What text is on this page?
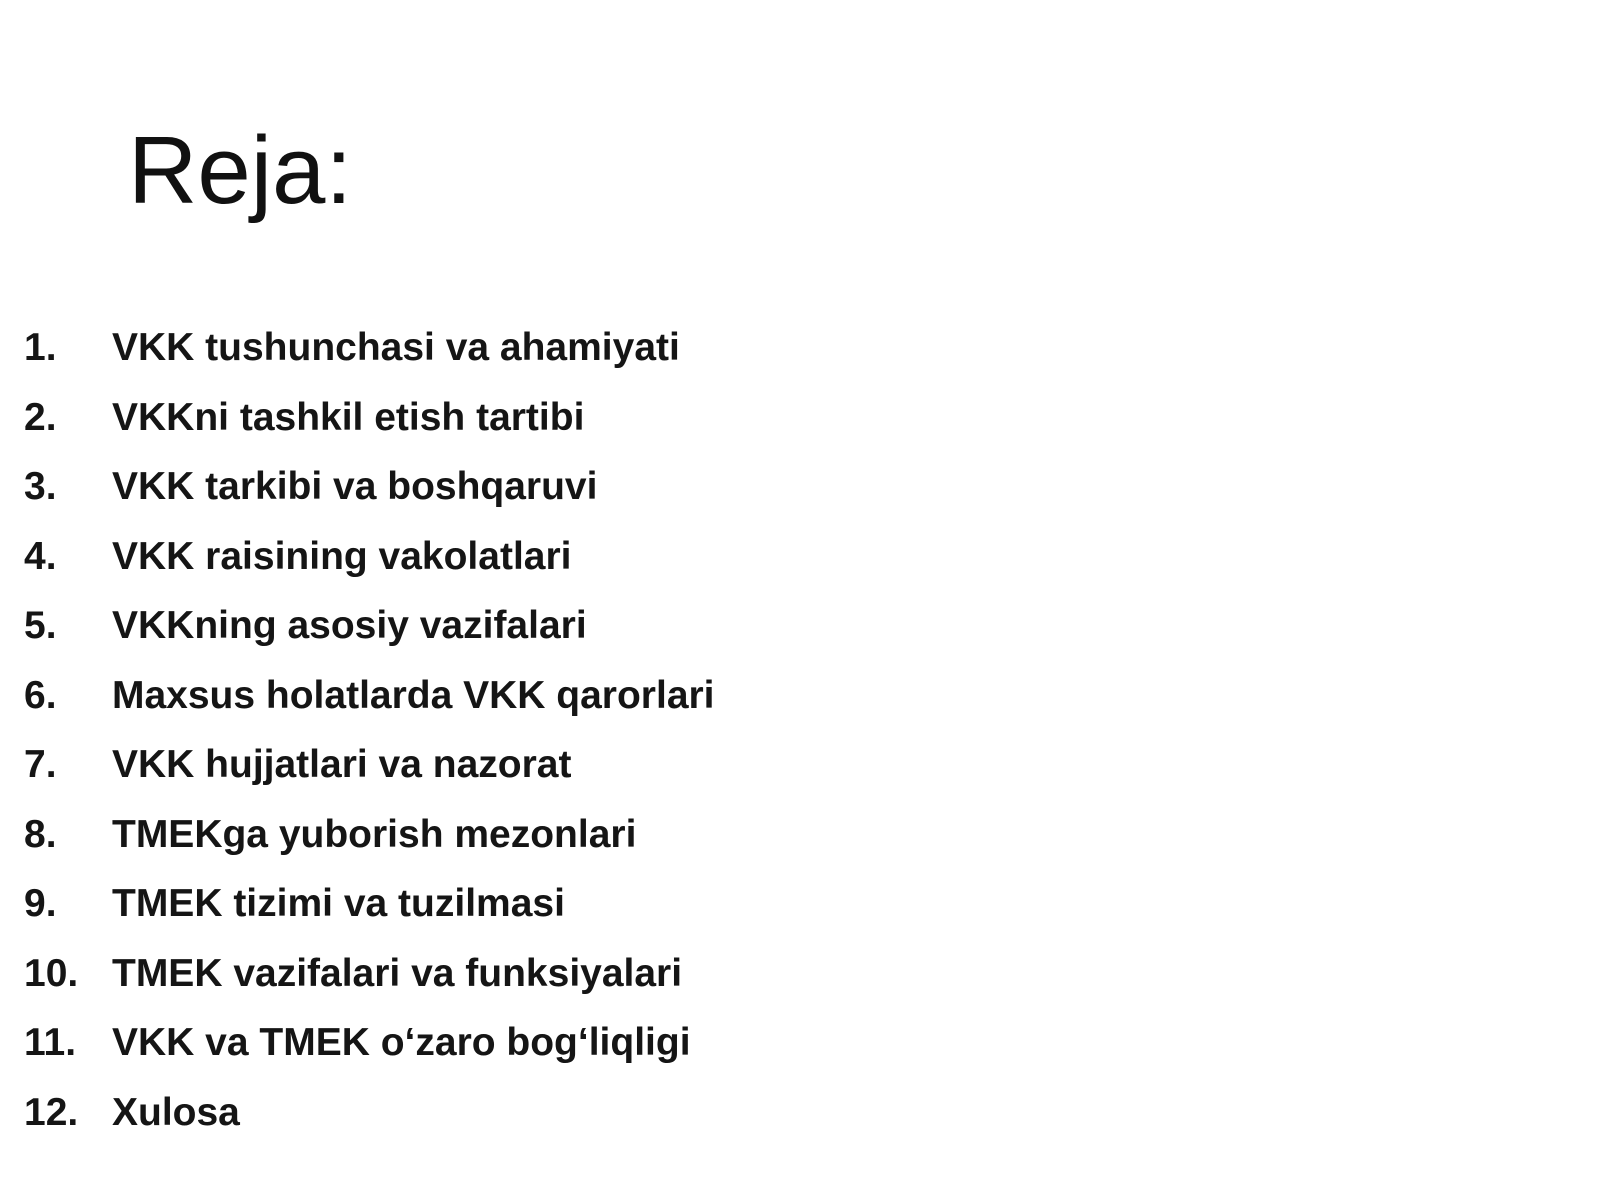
Reja:
1.	VKK tushunchasi va ahamiyati
2.	VKKni tashkil etish tartibi
3.	VKK tarkibi va boshqaruvi
4.	VKK raisining vakolatlari
5.	VKKning asosiy vazifalari
6.	Maxsus holatlarda VKK qarorlari
7.	VKK hujjatlari va nazorat
8.	TMEKga yuborish mezonlari
9.	TMEK tizimi va tuzilmasi
10. TMEK vazifalari va funksiyalari
11. VKK va TMEK o‘zaro bog‘liqligi
12. Xulosa
